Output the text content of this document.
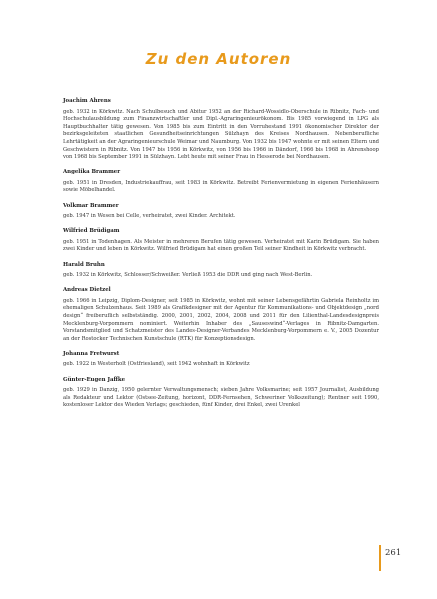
Zu den Autoren
Joachim Ahrens
geb. 1932 in Körkwitz. Nach Schulbesuch und Abitur 1952 an der Richard-Wossidlo-Oberschule in Ribnitz, Fach- und Hochschulausbildung zum Finanzwirtschaftler und Dipl.-Agraringenieurökonom. Bis 1985 vorwiegend in LPG als Hauptbuchhalter tätig gewesen. Von 1985 bis zum Eintritt in den Vorruhestand 1991 ökonomischer Direktor der bezirksgeleiteten staatlichen Gesundheitseinrichtungen Sülzhayn des Kreises Nordhausen. Nebenberufliche Lehrtätigkeit an der Agraringenieurschule Weimar und Naumburg. Von 1932 bis 1947 wohnte er mit seinen Eltern und Geschwistern in Ribnitz. Von 1947 bis 1956 in Körkwitz, von 1956 bis 1966 in Dändorf, 1966 bis 1968 in Ahrenshoop von 1968 bis September 1991 in Sülzhayn. Lebt heute mit seiner Frau in Hesserode bei Nordhausen.
Angelika Brammer
geb. 1951 in Dresden, Industriekauffrau, seit 1983 in Körkwitz. Betreibt Ferienvermietung in eigenen Ferienhäusern sowie Möbelhandel.
Volkmar Brammer
geb. 1947 in Wesen bei Celle, verheiratet, zwei Kinder. Architekt.
Wilfried Brüdigam
geb. 1951 in Todenhagen. Als Meister in mehreren Berufen tätig gewesen. Verheiratet mit Karin Brüdigam. Sie haben zwei Kinder und leben in Körkwitz. Wilfried Brüdigam hat einen großen Teil seiner Kindheit in Körkwitz verbracht.
Harald Bruhn
geb. 1932 in Körkwitz, Schlosser/Schweißer. Verließ 1953 die DDR und ging nach West-Berlin.
Andreas Dietzel
geb. 1966 in Leipzig, Diplom-Designer, seit 1985 in Körkwitz, wohnt mit seiner Lebensgefährtin Gabriela Reinholtz im ehemaligen Schulzenhaus. Seit 1989 als Grafikdesigner mit der Agentur für Kommunikations- und Objektdesign „nord design“ freiberuflich selbstständig. 2000, 2001, 2002, 2004, 2008 und 2011 für den Lilienthal-Landesdesignpreis Mecklenburg-Vorpommern nominiert. Weiterhin Inhaber des „Sauseswind“-Verlages in Ribnitz-Damgarten. Vorstandsmitglied und Schatzmeister des Landes-Designer-Verbandes Mecklenburg-Vorpommern e. V., 2005 Dozentur an der Rostocker Technischen Kunstschule (RTK) für Konzeptionsdesign.
Johanna Fretwurst
geb. 1922 in Westerholt (Ostfriesland), seit 1942 wohnhaft in Körkwitz
Günter-Eugen Jaffke
geb. 1929 in Danzig, 1950 gelernter Verwaltungsmensch; sieben Jahre Volksmarine; seit 1957 Journalist, Ausbildung als Redakteur und Lektor (Ostsee-Zeitung, horizont, DDR-Fernsehen, Schweriner Volkszeitung); Rentner seit 1990, kostenloser Lektor des Wieden Verlags; geschieden, fünf Kinder, drei Enkel, zwei Urenkel
261
